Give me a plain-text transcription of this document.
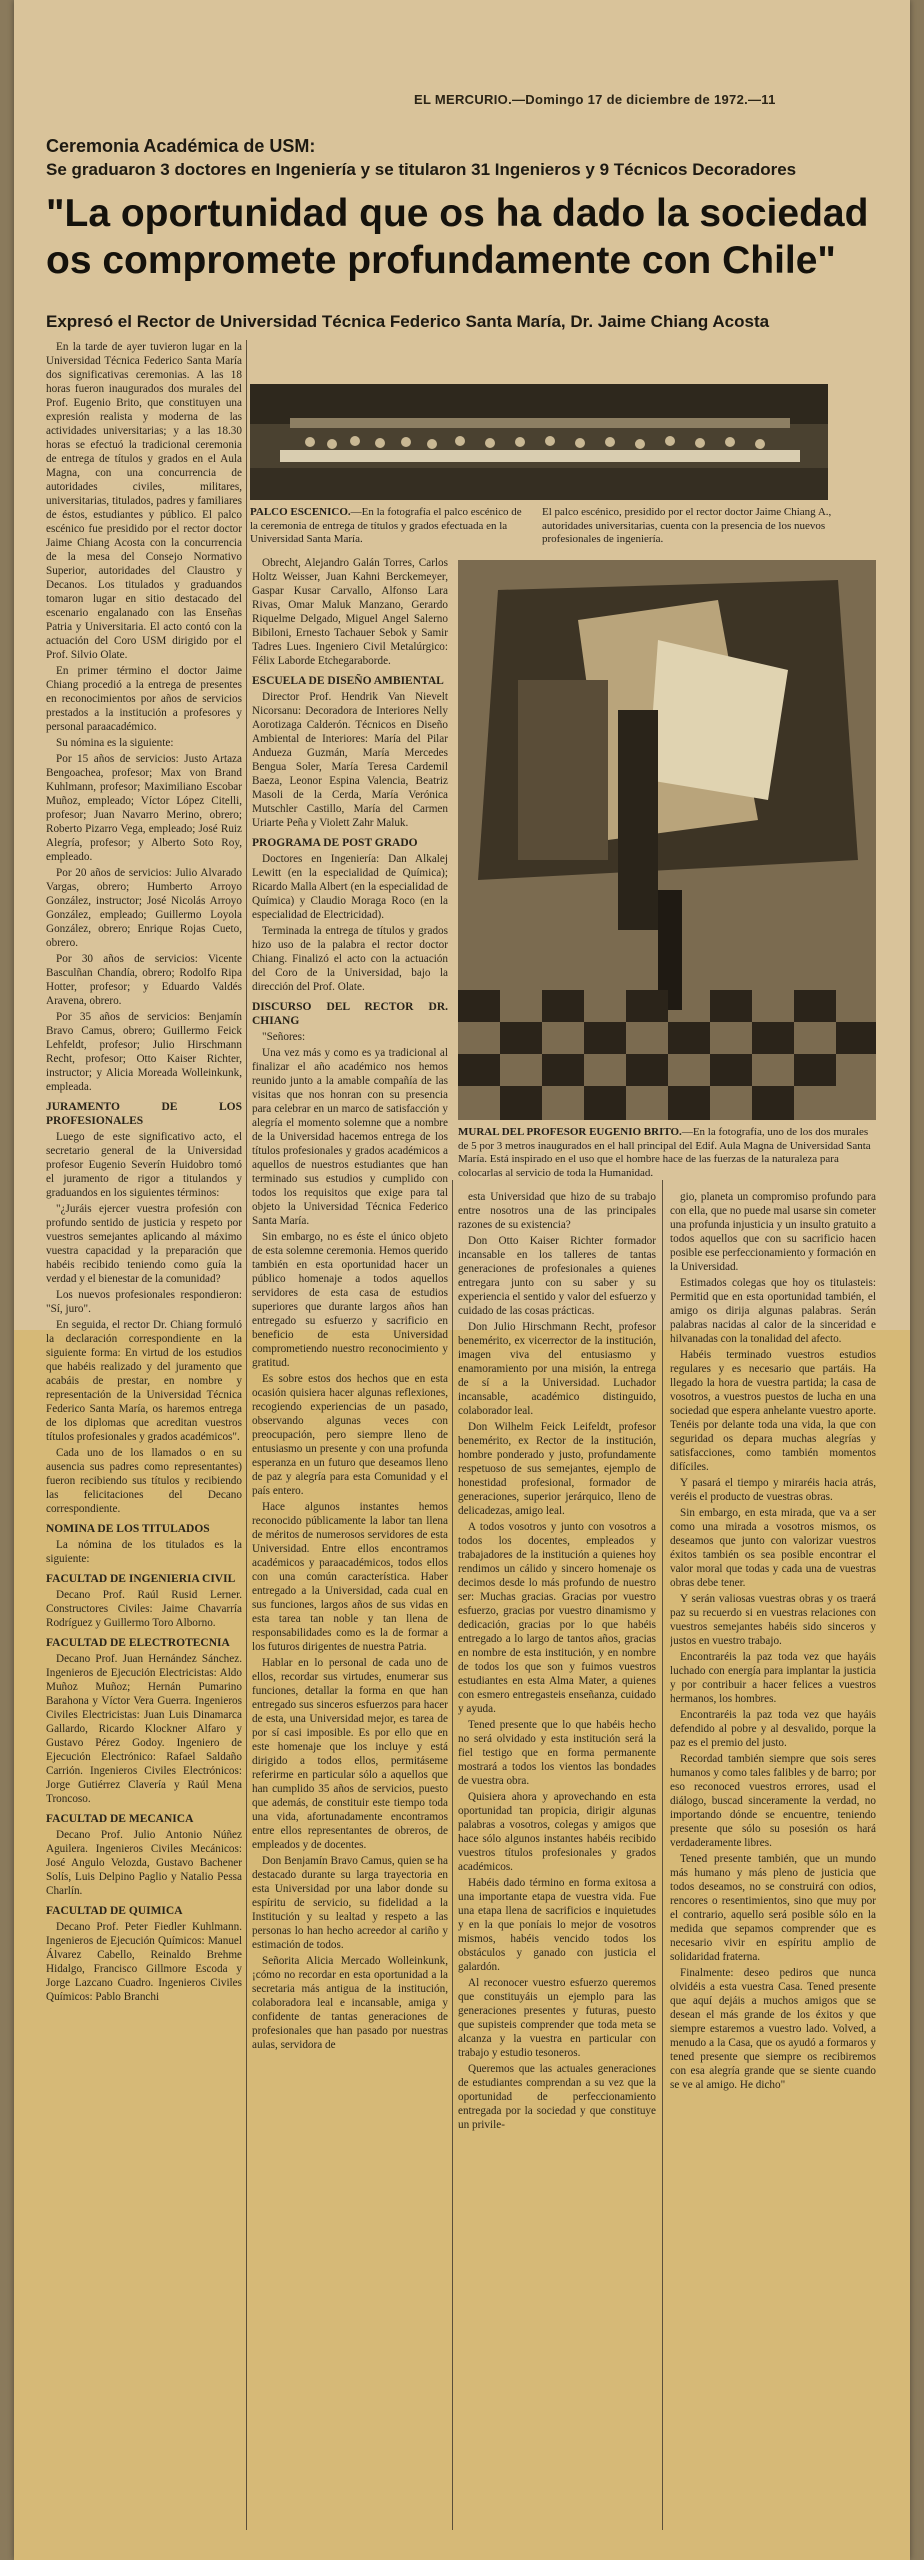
EL MERCURIO.—Domingo 17 de diciembre de 1972.—11
Ceremonia Académica de USM:
Se graduaron 3 doctores en Ingeniería y se titularon 31 Ingenieros y 9 Técnicos Decoradores
"La oportunidad que os ha dado la sociedad
os compromete profundamente con Chile"
Expresó el Rector de Universidad Técnica Federico Santa María, Dr. Jaime Chiang Acosta
PALCO ESCENICO.—En la fotografía el palco escénico de la ceremonia de entrega de títulos y grados efectuada en la Universidad Santa María.
El palco escénico, presidido por el rector doctor Jaime Chiang A., autoridades universitarias, cuenta con la presencia de los nuevos profesionales de ingeniería.
MURAL DEL PROFESOR EUGENIO BRITO.—En la fotografía, uno de los dos murales de 5 por 3 metros inaugurados en el hall principal del Edif. Aula Magna de Universidad Santa María. Está inspirado en el uso que el hombre hace de las fuerzas de la naturaleza para colocarlas al servicio de toda la Humanidad.

En la tarde de ayer tuvieron lugar en la Universidad Técnica Federico Santa María dos significativas ceremonias. A las 18 horas fueron inaugurados dos murales del Prof. Eugenio Brito, que constituyen una expresión realista y moderna de las actividades universitarias; y a las 18.30 horas se efectuó la tradicional ceremonia de entrega de títulos y grados en el Aula Magna, con una concurrencia de autoridades civiles, militares, universitarias, titulados, padres y familiares de éstos, estudiantes y público. El palco escénico fue presidido por el rector doctor Jaime Chiang Acosta con la concurrencia de la mesa del Consejo Normativo Superior, autoridades del Claustro y Decanos. Los titulados y graduandos tomaron lugar en sitio destacado del escenario engalanado con las Enseñas Patria y Universitaria. El acto contó con la actuación del Coro USM dirigido por el Prof. Silvio Olate.

En primer término el doctor Jaime Chiang procedió a la entrega de presentes en reconocimientos por años de servicios prestados a la institución a profesores y personal paraacadémico.

Su nómina es la siguiente:

Por 15 años de servicios: Justo Artaza Bengoachea, profesor; Max von Brand Kuhlmann, profesor; Maximiliano Escobar Muñoz, empleado; Víctor López Citelli, profesor; Juan Navarro Merino, obrero; Roberto Pizarro Vega, empleado; José Ruiz Alegría, profesor; y Alberto Soto Roy, empleado.

Por 20 años de servicios: Julio Alvarado Vargas, obrero; Humberto Arroyo González, instructor; José Nicolás Arroyo González, empleado; Guillermo Loyola González, obrero; Enrique Rojas Cueto, obrero.

Por 30 años de servicios: Vicente Basculñan Chandía, obrero; Rodolfo Ripa Hotter, profesor; y Eduardo Valdés Aravena, obrero.

Por 35 años de servicios: Benjamín Bravo Camus, obrero; Guillermo Feick Lehfeldt, profesor; Julio Hirschmann Recht, profesor; Otto Kaiser Richter, instructor; y Alicia Moreada Wolleinkunk, empleada.

JURAMENTO DE LOS PROFESIONALES

Luego de este significativo acto, el secretario general de la Universidad profesor Eugenio Severín Huidobro tomó el juramento de rigor a titulandos y graduandos en los siguientes términos:

"¿Juráis ejercer vuestra profesión con profundo sentido de justicia y respeto por vuestros semejantes aplicando al máximo vuestra capacidad y la preparación que habéis recibido teniendo como guía la verdad y el bienestar de la comunidad?

Los nuevos profesionales respondieron: "Sí, juro".

En seguida, el rector Dr. Chiang formuló la declaración correspondiente en la siguiente forma: En virtud de los estudios que habéis realizado y del juramento que acabáis de prestar, en nombre y representación de la Universidad Técnica Federico Santa María, os haremos entrega de los diplomas que acreditan vuestros títulos profesionales y grados académicos".

Cada uno de los llamados o en su ausencia sus padres como representantes) fueron recibiendo sus títulos y recibiendo las felicitaciones del Decano correspondiente.

NOMINA DE LOS TITULADOS

La nómina de los titulados es la siguiente:

FACULTAD DE INGENIERIA CIVIL

Decano Prof. Raúl Rusid Lerner. Constructores Civiles: Jaime Chavarría Rodríguez y Guillermo Toro Alborno.

FACULTAD DE ELECTROTECNIA

Decano Prof. Juan Hernández Sánchez. Ingenieros de Ejecución Electricistas: Aldo Muñoz Muñoz; Hernán Pumarino Barahona y Víctor Vera Guerra. Ingenieros Civiles Electricistas: Juan Luis Dinamarca Gallardo, Ricardo Klockner Alfaro y Gustavo Pérez Godoy. Ingeniero de Ejecución Electrónico: Rafael Saldaño Carrión. Ingenieros Civiles Electrónicos: Jorge Gutiérrez Clavería y Raúl Mena Troncoso.

FACULTAD DE MECANICA

Decano Prof. Julio Antonio Núñez Aguilera. Ingenieros Civiles Mecánicos: José Angulo Velozda, Gustavo Bachener Solís, Luis Delpino Paglio y Natalio Pessa Charlín.

FACULTAD DE QUIMICA

Decano Prof. Peter Fiedler Kuhlmann. Ingenieros de Ejecución Químicos: Manuel Álvarez Cabello, Reinaldo Brehme Hidalgo, Francisco Gillmore Escoda y Jorge Lazcano Cuadro. Ingenieros Civiles Químicos: Pablo Branchi

Obrecht, Alejandro Galán Torres, Carlos Holtz Weisser, Juan Kahni Berckemeyer, Gaspar Kusar Carvallo, Alfonso Lara Rivas, Omar Maluk Manzano, Gerardo Riquelme Delgado, Miguel Angel Salerno Bibiloni, Ernesto Tachauer Sebok y Samir Tadres Lues. Ingeniero Civil Metalúrgico: Félix Laborde Etchegaraborde.

ESCUELA DE DISEÑO AMBIENTAL

Director Prof. Hendrik Van Nievelt Nicorsanu: Decoradora de Interiores Nelly Aorotizaga Calderón. Técnicos en Diseño Ambiental de Interiores: María del Pilar Andueza Guzmán, María Mercedes Bengua Soler, María Teresa Cardemil Baeza, Leonor Espina Valencia, Beatriz Masoli de la Cerda, María Verónica Mutschler Castillo, María del Carmen Uriarte Peña y Violett Zahr Maluk.

PROGRAMA DE POST GRADO

Doctores en Ingeniería: Dan Alkalej Lewitt (en la especialidad de Química); Ricardo Malla Albert (en la especialidad de Química) y Claudio Moraga Roco (en la especialidad de Electricidad).

Terminada la entrega de títulos y grados hizo uso de la palabra el rector doctor Chiang. Finalizó el acto con la actuación del Coro de la Universidad, bajo la dirección del Prof. Olate.

DISCURSO DEL RECTOR DR. CHIANG

"Señores:

Una vez más y como es ya tradicional al finalizar el año académico nos hemos reunido junto a la amable compañía de las visitas que nos honran con su presencia para celebrar en un marco de satisfacción y alegría el momento solemne que a nombre de la Universidad hacemos entrega de los títulos profesionales y grados académicos a aquellos de nuestros estudiantes que han terminado sus estudios y cumplido con todos los requisitos que exige para tal objeto la Universidad Técnica Federico Santa María.

Sin embargo, no es éste el único objeto de esta solemne ceremonia. Hemos querido también en esta oportunidad hacer un público homenaje a todos aquellos servidores de esta casa de estudios superiores que durante largos años han entregado su esfuerzo y sacrificio en beneficio de esta Universidad comprometiendo nuestro reconocimiento y gratitud.

Es sobre estos dos hechos que en esta ocasión quisiera hacer algunas reflexiones, recogiendo experiencias de un pasado, observando algunas veces con preocupación, pero siempre lleno de entusiasmo un presente y con una profunda esperanza en un futuro que deseamos lleno de paz y alegría para esta Comunidad y el país entero.

Hace algunos instantes hemos reconocido públicamente la labor tan llena de méritos de numerosos servidores de esta Universidad. Entre ellos encontramos académicos y paraacadémicos, todos ellos con una común característica. Haber entregado a la Universidad, cada cual en sus funciones, largos años de sus vidas en esta tarea tan noble y tan llena de responsabilidades como es la de formar a los futuros dirigentes de nuestra Patria.

Hablar en lo personal de cada uno de ellos, recordar sus virtudes, enumerar sus funciones, detallar la forma en que han entregado sus sinceros esfuerzos para hacer de esta, una Universidad mejor, es tarea de por sí casi imposible. Es por ello que en este homenaje que los incluye y está dirigido a todos ellos, permitáseme referirme en particular sólo a aquellos que han cumplido 35 años de servicios, puesto que además, de constituir este tiempo toda una vida, afortunadamente encontramos entre ellos representantes de obreros, de empleados y de docentes.

Don Benjamín Bravo Camus, quien se ha destacado durante su larga trayectoria en esta Universidad por una labor donde su espíritu de servicio, su fidelidad a la Institución y su lealtad y respeto a las personas lo han hecho acreedor al cariño y estimación de todos.

Señorita Alicia Mercado Wolleinkunk, ¡cómo no recordar en esta oportunidad a la secretaria más antigua de la institución, colaboradora leal e incansable, amiga y confidente de tantas generaciones de profesionales que han pasado por nuestras aulas, servidora de

esta Universidad que hizo de su trabajo entre nosotros una de las principales razones de su existencia?

Don Otto Kaiser Richter formador incansable en los talleres de tantas generaciones de profesionales a quienes entregara junto con su saber y su experiencia el sentido y valor del esfuerzo y cuidado de las cosas prácticas.

Don Julio Hirschmann Recht, profesor benemérito, ex vicerrector de la institución, imagen viva del entusiasmo y enamoramiento por una misión, la entrega de sí a la Universidad. Luchador incansable, académico distinguido, colaborador leal.

Don Wilhelm Feick Leifeldt, profesor benemérito, ex Rector de la institución, hombre ponderado y justo, profundamente respetuoso de sus semejantes, ejemplo de honestidad profesional, formador de generaciones, superior jerárquico, lleno de delicadezas, amigo leal.

A todos vosotros y junto con vosotros a todos los docentes, empleados y trabajadores de la institución a quienes hoy rendimos un cálido y sincero homenaje os decimos desde lo más profundo de nuestro ser: Muchas gracias. Gracias por vuestro esfuerzo, gracias por vuestro dinamismo y dedicación, gracias por lo que habéis entregado a lo largo de tantos años, gracias en nombre de esta institución, y en nombre de todos los que son y fuimos vuestros estudiantes en esta Alma Mater, a quienes con esmero entregasteis enseñanza, cuidado y ayuda.

Tened presente que lo que habéis hecho no será olvidado y esta institución será la fiel testigo que en forma permanente mostrará a todos los vientos las bondades de vuestra obra.

Quisiera ahora y aprovechando en esta oportunidad tan propicia, dirigir algunas palabras a vosotros, colegas y amigos que hace sólo algunos instantes habéis recibido vuestros títulos profesionales y grados académicos.

Habéis dado término en forma exitosa a una importante etapa de vuestra vida. Fue una etapa llena de sacrificios e inquietudes y en la que poníais lo mejor de vosotros mismos, habéis vencido todos los obstáculos y ganado con justicia el galardón.

Al reconocer vuestro esfuerzo queremos que constituyáis un ejemplo para las generaciones presentes y futuras, puesto que supisteis comprender que toda meta se alcanza y la vuestra en particular con trabajo y estudio tesoneros.

Queremos que las actuales generaciones de estudiantes comprendan a su vez que la oportunidad de perfeccionamiento entregada por la sociedad y que constituye un privile-

gio, planeta un compromiso profundo para con ella, que no puede mal usarse sin cometer una profunda injusticia y un insulto gratuito a todos aquellos que con su sacrificio hacen posible ese perfeccionamiento y formación en la Universidad.

Estimados colegas que hoy os titulasteis: Permitid que en esta oportunidad también, el amigo os dirija algunas palabras. Serán palabras nacidas al calor de la sinceridad e hilvanadas con la tonalidad del afecto.

Habéis terminado vuestros estudios regulares y es necesario que partáis. Ha llegado la hora de vuestra partida; la casa de vosotros, a vuestros puestos de lucha en una sociedad que espera anhelante vuestro aporte. Tenéis por delante toda una vida, la que con seguridad os depara muchas alegrías y satisfacciones, como también momentos difíciles.

Y pasará el tiempo y miraréis hacia atrás, veréis el producto de vuestras obras.

Sin embargo, en esta mirada, que va a ser como una mirada a vosotros mismos, os deseamos que junto con valorizar vuestros éxitos también os sea posible encontrar el valor moral que todas y cada una de vuestras obras debe tener.

Y serán valiosas vuestras obras y os traerá paz su recuerdo si en vuestras relaciones con vuestros semejantes habéis sido sinceros y justos en vuestro trabajo.

Encontraréis la paz toda vez que hayáis luchado con energía para implantar la justicia y por contribuir a hacer felices a vuestros hermanos, los hombres.

Encontraréis la paz toda vez que hayáis defendido al pobre y al desvalido, porque la paz es el premio del justo.

Recordad también siempre que sois seres humanos y como tales falibles y de barro; por eso reconoced vuestros errores, usad el diálogo, buscad sinceramente la verdad, no importando dónde se encuentre, teniendo presente que sólo su posesión os hará verdaderamente libres.

Tened presente también, que un mundo más humano y más pleno de justicia que todos deseamos, no se construirá con odios, rencores o resentimientos, sino que muy por el contrario, aquello será posible sólo en la medida que sepamos comprender que es necesario vivir en espíritu amplio de solidaridad fraterna.

Finalmente: deseo pediros que nunca olvidéis a esta vuestra Casa. Tened presente que aquí dejáis a muchos amigos que se desean el más grande de los éxitos y que siempre estaremos a vuestro lado. Volved, a menudo a la Casa, que os ayudó a formaros y tened presente que siempre os recibiremos con esa alegría grande que se siente cuando se ve al amigo. He dicho"
